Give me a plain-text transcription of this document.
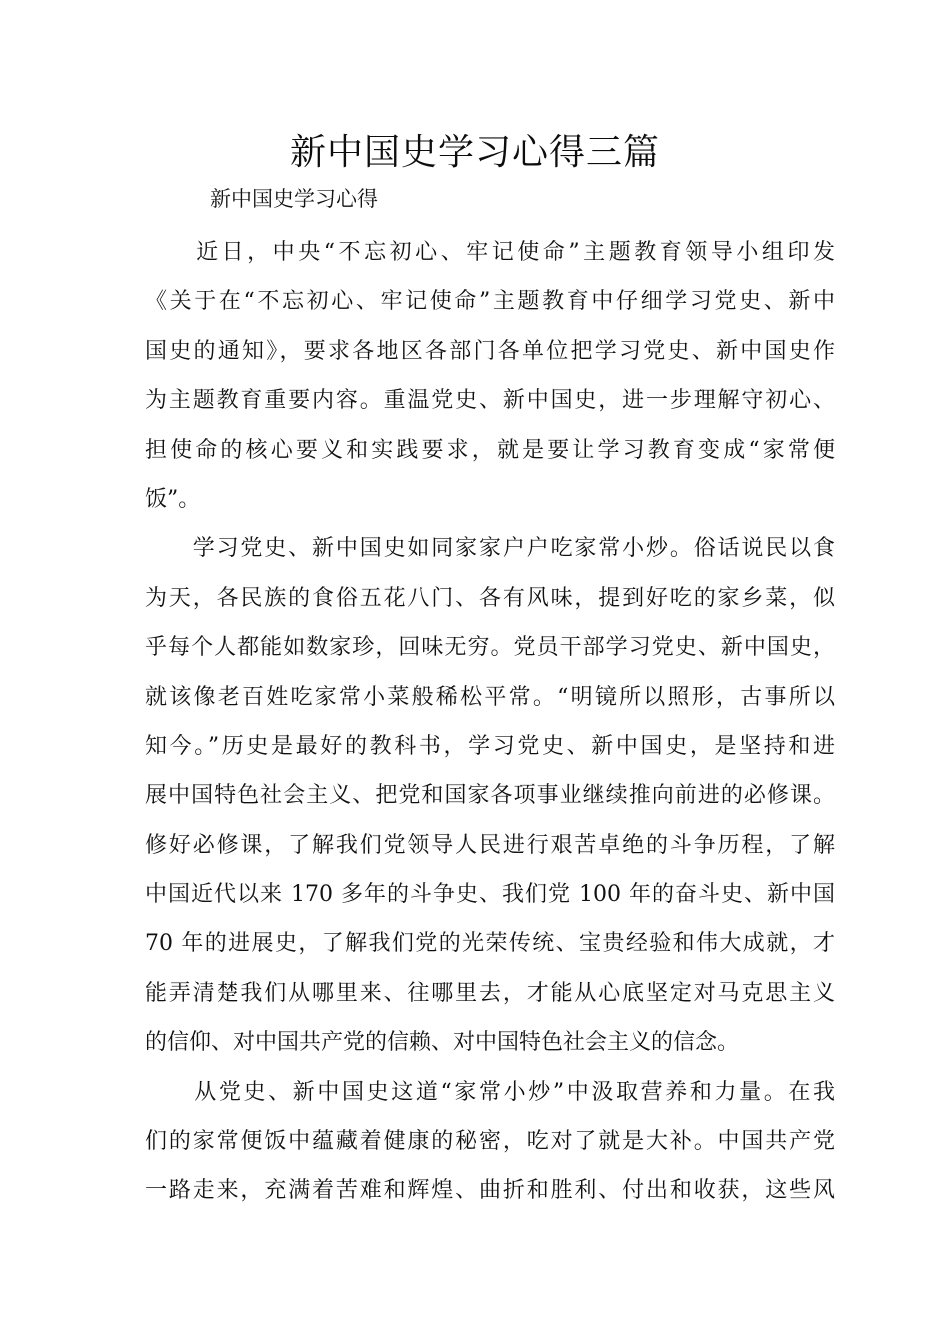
新中国史学习心得三篇
新中国史学习心得
　　近日，中央“不忘初心、牢记使命”主题教育领导小组印发
《关于在“不忘初心、牢记使命”主题教育中仔细学习党史、新中
国史的通知》，要求各地区各部门各单位把学习党史、新中国史作
为主题教育重要内容。重温党史、新中国史，进一步理解守初心、
担使命的核心要义和实践要求，就是要让学习教育变成“家常便
饭”。
　　学习党史、新中国史如同家家户户吃家常小炒。俗话说民以食
为天，各民族的食俗五花八门、各有风味，提到好吃的家乡菜，似
乎每个人都能如数家珍，回味无穷。党员干部学习党史、新中国史，
就该像老百姓吃家常小菜般稀松平常。“明镜所以照形，古事所以
知今。”历史是最好的教科书，学习党史、新中国史，是坚持和进
展中国特色社会主义、把党和国家各项事业继续推向前进的必修课。
修好必修课，了解我们党领导人民进行艰苦卓绝的斗争历程，了解
中国近代以来 170 多年的斗争史、我们党 100 年的奋斗史、新中国
70 年的进展史，了解我们党的光荣传统、宝贵经验和伟大成就，才
能弄清楚我们从哪里来、往哪里去，才能从心底坚定对马克思主义
的信仰、对中国共产党的信赖、对中国特色社会主义的信念。
　　从党史、新中国史这道“家常小炒”中汲取营养和力量。在我
们的家常便饭中蕴藏着健康的秘密，吃对了就是大补。中国共产党
一路走来，充满着苦难和辉煌、曲折和胜利、付出和收获，这些风
